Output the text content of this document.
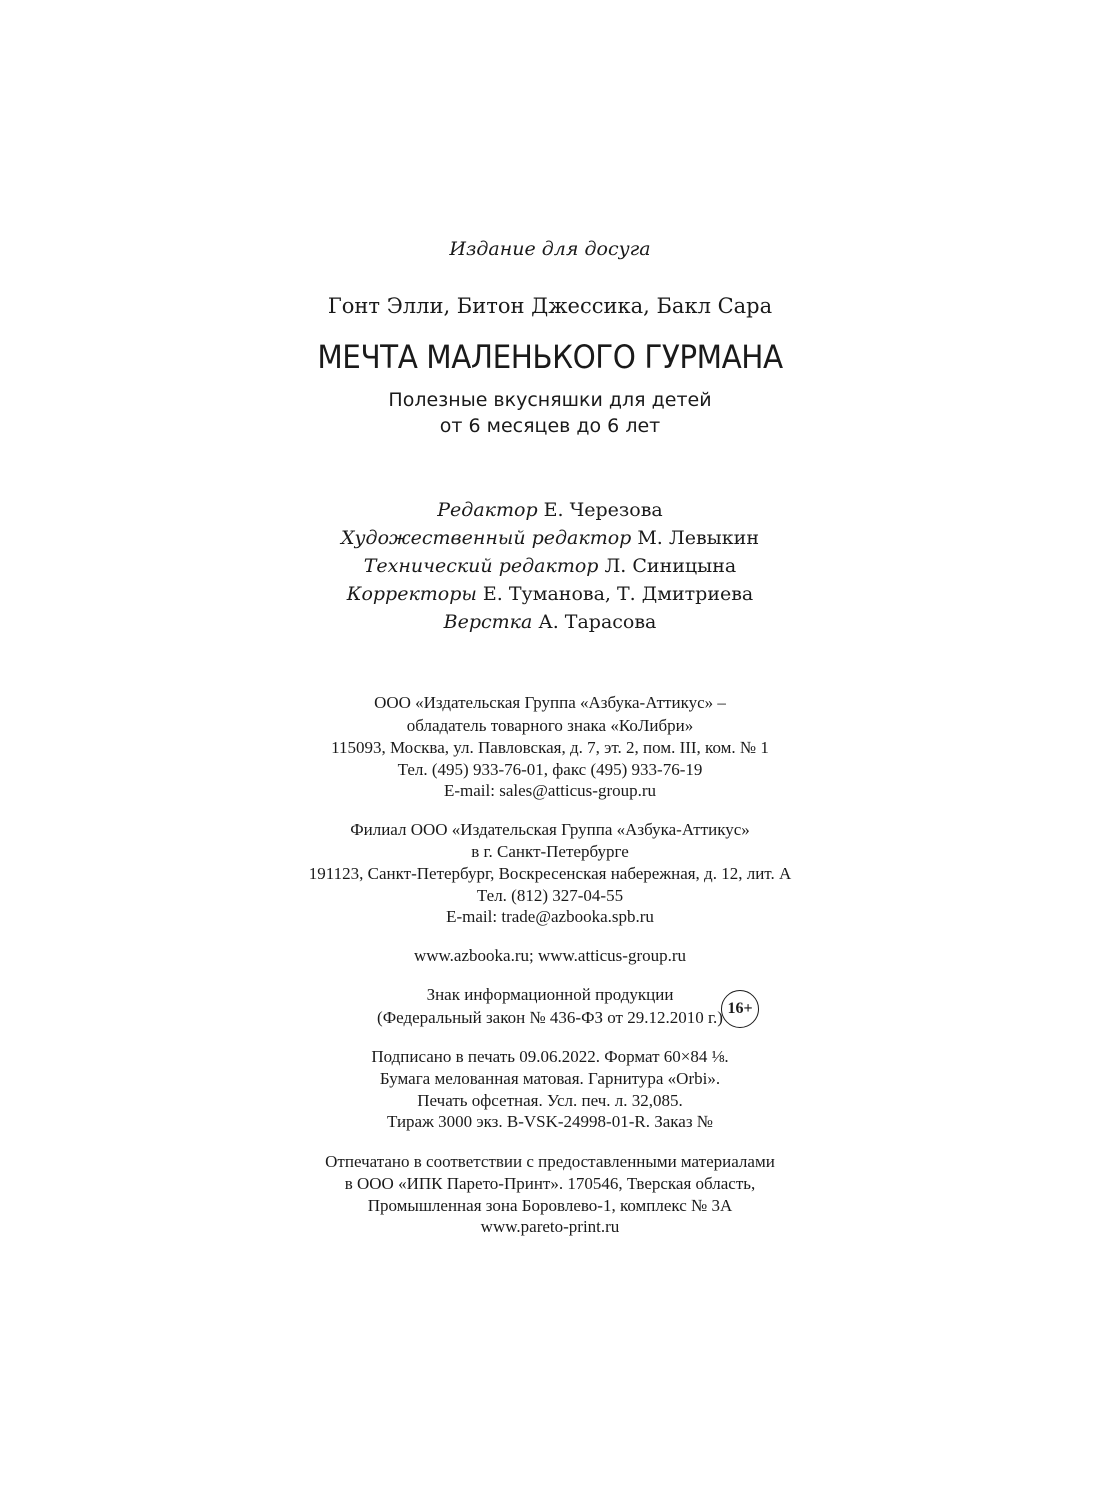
Издание для досуга
Гонт Элли, Битон Джессика, Бакл Сара
МЕЧТА МАЛЕНЬКОГО ГУРМАНА
Полезные вкусняшки для детей
от 6 месяцев до 6 лет
Редактор Е. Черезова
Художественный редактор М. Левыкин
Технический редактор Л. Синицына
Корректоры Е. Туманова, Т. Дмитриева
Верстка А. Тарасова
ООО «Издательская Группа «Азбука-Аттикус» –
обладатель товарного знака «КоЛибри»
115093, Москва, ул. Павловская, д. 7, эт. 2, пом. III, ком. № 1
Тел. (495) 933-76-01, факс (495) 933-76-19
E-mail: sales@atticus-group.ru
Филиал ООО «Издательская Группа «Азбука-Аттикус»
в г. Санкт-Петербурге
191123, Санкт-Петербург, Воскресенская набережная, д. 12, лит. А
Тел. (812) 327-04-55
E-mail: trade@azbooka.spb.ru
www.azbooka.ru; www.atticus-group.ru
Знак информационной продукции
(Федеральный закон № 436-ФЗ от 29.12.2010 г.) 16+
Подписано в печать 09.06.2022. Формат 60×84 ⅛.
Бумага мелованная матовая. Гарнитура «Orbi».
Печать офсетная. Усл. печ. л. 32,085.
Тираж 3000 экз. B-VSK-24998-01-R. Заказ №
Отпечатано в соответствии с предоставленными материалами
в ООО «ИПК Парето-Принт». 170546, Тверская область,
Промышленная зона Боровлево-1, комплекс № 3А
www.pareto-print.ru
